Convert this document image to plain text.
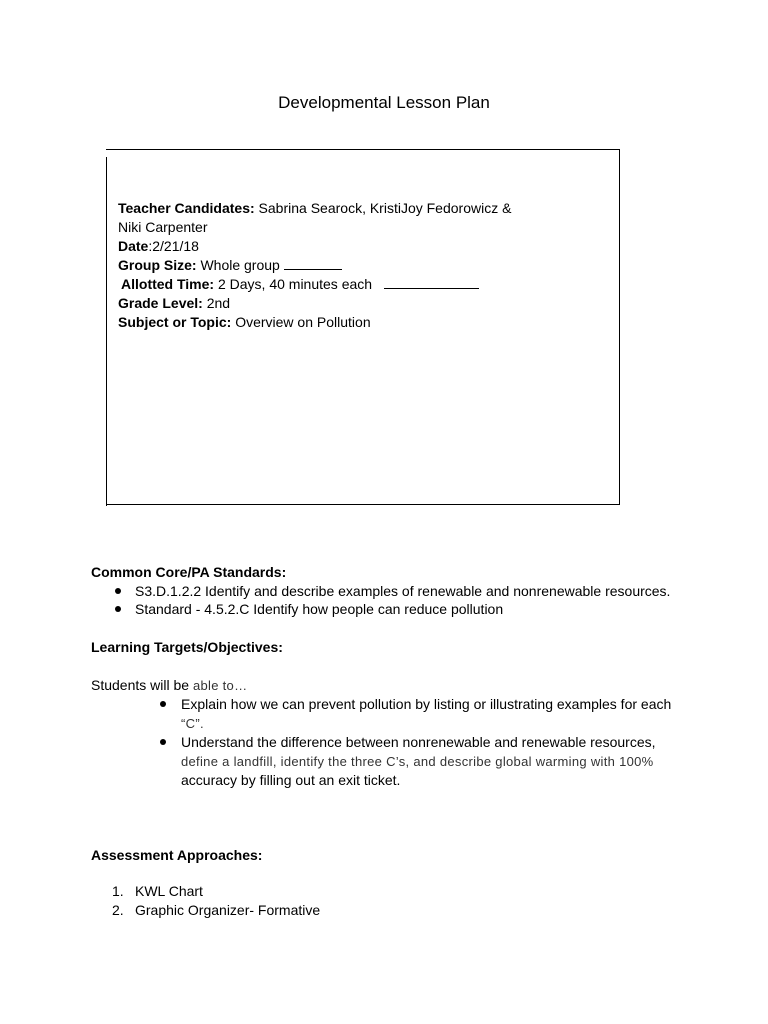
Developmental Lesson Plan
Teacher Candidates: Sabrina Searock, KristiJoy Fedorowicz &
Niki Carpenter
Date:2/21/18
Group Size: Whole group
Allotted Time: 2 Days, 40 minutes each
Grade Level: 2nd
Subject or Topic: Overview on Pollution
Common Core/PA Standards:
S3.D.1.2.2 Identify and describe examples of renewable and nonrenewable resources.
Standard - 4.5.2.C Identify how people can reduce pollution
Learning Targets/Objectives:
Students will be able to…
Explain how we can prevent pollution by listing or illustrating examples for each
“C”.
Understand the difference between nonrenewable and renewable resources,
define a landfill, identify the three C’s, and describe global warming with 100%
accuracy by filling out an exit ticket.
Assessment Approaches:
1. KWL Chart
2. Graphic Organizer- Formative
